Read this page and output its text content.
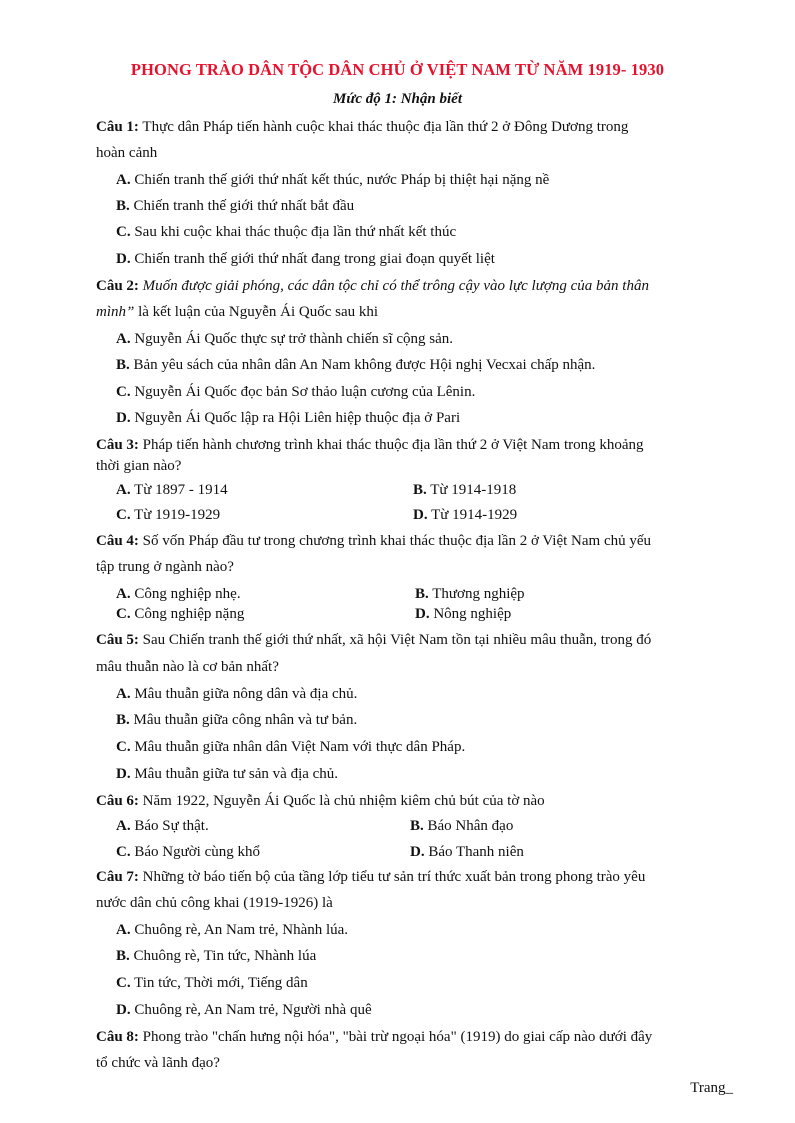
PHONG TRÀO DÂN TỘC DÂN CHỦ Ở VIỆT NAM TỪ NĂM 1919- 1930
Mức độ 1: Nhận biết
Câu 1: Thực dân Pháp tiến hành cuộc khai thác thuộc địa lần thứ 2 ở Đông Dương trong
hoàn cảnh
A. Chiến tranh thế giới thứ nhất kết thúc, nước Pháp bị thiệt hại nặng nề
B. Chiến tranh thế giới thứ nhất bắt đầu
C. Sau khi cuộc khai thác thuộc địa lần thứ nhất kết thúc
D. Chiến tranh thế giới thứ nhất đang trong giai đoạn quyết liệt
Câu 2: Muốn được giải phóng, các dân tộc chỉ có thể trông cậy vào lực lượng của bản thân
mình” là kết luận của Nguyễn Ái Quốc sau khi
A. Nguyễn Ái Quốc thực sự trở thành chiến sĩ cộng sản.
B. Bản yêu sách của nhân dân An Nam không được Hội nghị Vecxai chấp nhận.
C. Nguyễn Ái Quốc đọc bản Sơ thảo luận cương của Lênin.
D. Nguyễn Ái Quốc lập ra Hội Liên hiệp thuộc địa ở Pari
Câu 3: Pháp tiến hành chương trình khai thác thuộc địa lần thứ 2 ở Việt Nam trong khoảng
thời gian nào?
A. Từ 1897 - 1914	B. Từ 1914-1918
C. Từ 1919-1929	D. Từ 1914-1929
Câu 4: Số vốn Pháp đầu tư trong chương trình khai thác thuộc địa lần 2 ở Việt Nam chủ yếu
tập trung ở ngành nào?
A. Công nghiệp nhẹ.	B. Thương nghiệp
C. Công nghiệp nặng	D. Nông nghiệp
Câu 5: Sau Chiến tranh thế giới thứ nhất, xã hội Việt Nam tồn tại nhiều mâu thuẫn, trong đó
mâu thuẫn nào là cơ bản nhất?
A. Mâu thuẫn giữa nông dân và địa chủ.
B. Mâu thuẫn giữa công nhân và tư bản.
C. Mâu thuẫn giữa nhân dân Việt Nam với thực dân Pháp.
D. Mâu thuẫn giữa tư sản và địa chủ.
Câu 6: Năm 1922, Nguyễn Ái Quốc là chủ nhiệm kiêm chủ bút của tờ nào
A. Báo Sự thật.	B. Báo Nhân đạo
C. Báo Người cùng khổ	D. Báo Thanh niên
Câu 7: Những tờ báo tiến bộ của tầng lớp tiểu tư sản trí thức xuất bản trong phong trào yêu
nước dân chủ công khai (1919-1926) là
A. Chuông rè, An Nam trẻ, Nhành lúa.
B. Chuông rè, Tin tức, Nhành lúa
C. Tin tức, Thời mới, Tiếng dân
D. Chuông rè, An Nam trẻ, Người nhà quê
Câu 8: Phong trào "chấn hưng nội hóa", "bài trừ ngoại hóa" (1919) do giai cấp nào dưới đây
tổ chức và lãnh đạo?
Trang_
